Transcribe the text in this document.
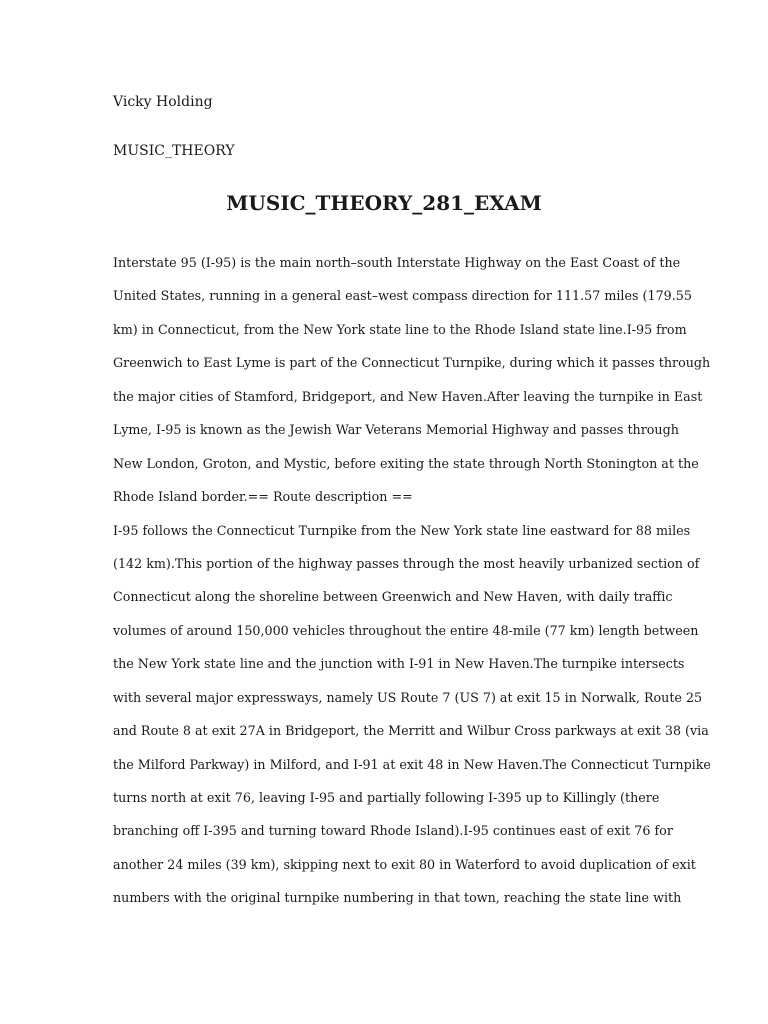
Vicky Holding
MUSIC_THEORY
MUSIC_THEORY_281_EXAM
Interstate 95 (I-95) is the main north–south Interstate Highway on the East Coast of the
United States, running in a general east–west compass direction for 111.57 miles (179.55
km) in Connecticut, from the New York state line to the Rhode Island state line.I-95 from
Greenwich to East Lyme is part of the Connecticut Turnpike, during which it passes through
the major cities of Stamford, Bridgeport, and New Haven.After leaving the turnpike in East
Lyme, I-95 is known as the Jewish War Veterans Memorial Highway and passes through
New London, Groton, and Mystic, before exiting the state through North Stonington at the
Rhode Island border.== Route description ==
I-95 follows the Connecticut Turnpike from the New York state line eastward for 88 miles
(142 km).This portion of the highway passes through the most heavily urbanized section of
Connecticut along the shoreline between Greenwich and New Haven, with daily traffic
volumes of around 150,000 vehicles throughout the entire 48-mile (77 km) length between
the New York state line and the junction with I-91 in New Haven.The turnpike intersects
with several major expressways, namely US Route 7 (US 7) at exit 15 in Norwalk, Route 25
and Route 8 at exit 27A in Bridgeport, the Merritt and Wilbur Cross parkways at exit 38 (via
the Milford Parkway) in Milford, and I-91 at exit 48 in New Haven.The Connecticut Turnpike
turns north at exit 76, leaving I-95 and partially following I-395 up to Killingly (there
branching off I-395 and turning toward Rhode Island).I-95 continues east of exit 76 for
another 24 miles (39 km), skipping next to exit 80 in Waterford to avoid duplication of exit
numbers with the original turnpike numbering in that town, reaching the state line with
